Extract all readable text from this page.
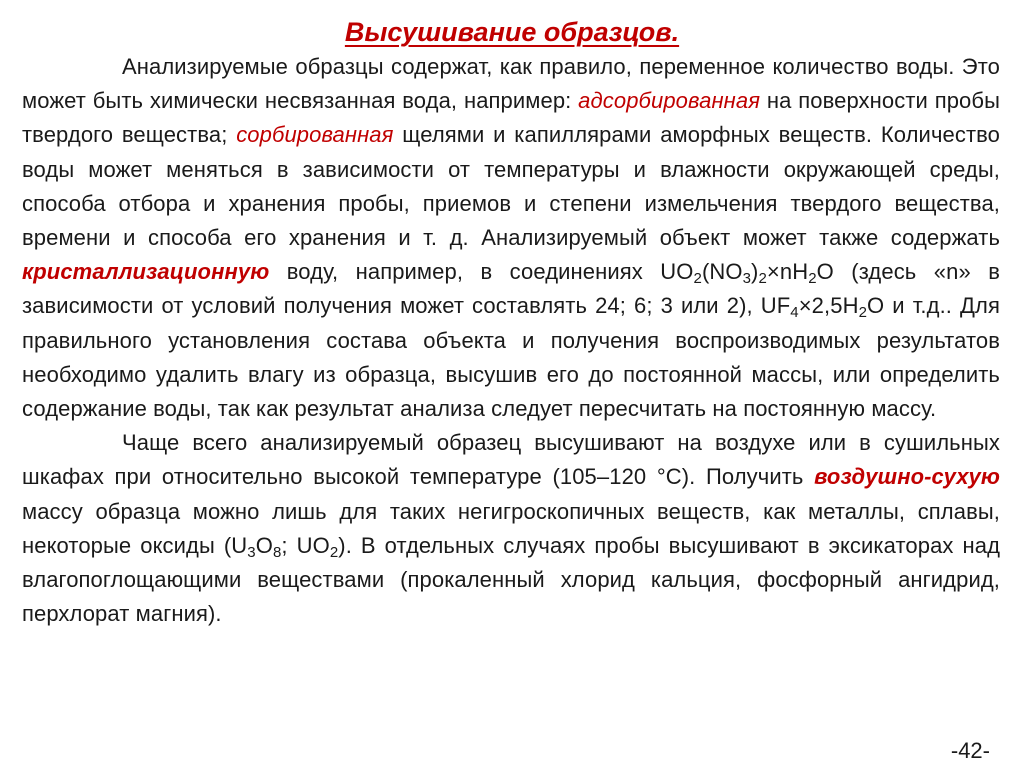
Высушивание образцов.

Анализируемые образцы содержат, как правило, переменное количество воды. Это может быть химически несвязанная вода, например: адсорбированная на поверхности пробы твердого вещества; сорбированная щелями и капиллярами аморфных веществ. Количество воды может меняться в зависимости от температуры и влажности окружающей среды, способа отбора и хранения пробы, приемов и степени измельчения твердого вещества, времени и способа его хранения и т. д. Анализируемый объект может также содержать кристаллизационную воду, например, в соединениях $UO_2(NO_3)_2\times nH_2O$ (здесь «n» в зависимости от условий получения может составлять 24; 6; 3 или 2), $UF_4\times 2,5H_2O$ и т.д.. Для правильного установления состава объекта и получения воспроизводимых результатов необходимо удалить влагу из образца, высушив его до постоянной массы, или определить содержание воды, так как результат анализа следует пересчитать на постоянную массу.

Чаще всего анализируемый образец высушивают на воздухе или в сушильных шкафах при относительно высокой температуре (105–120 °С). Получить воздушно-сухую массу образца можно лишь для таких негигроскопичных веществ, как металлы, сплавы, некоторые оксиды ($U_3O_8$; $UO_2$). В отдельных случаях пробы высушивают в эксикаторах над влагопоглощающими веществами (прокаленный хлорид кальция, фосфорный ангидрид, перхлорат магния).

-42-
